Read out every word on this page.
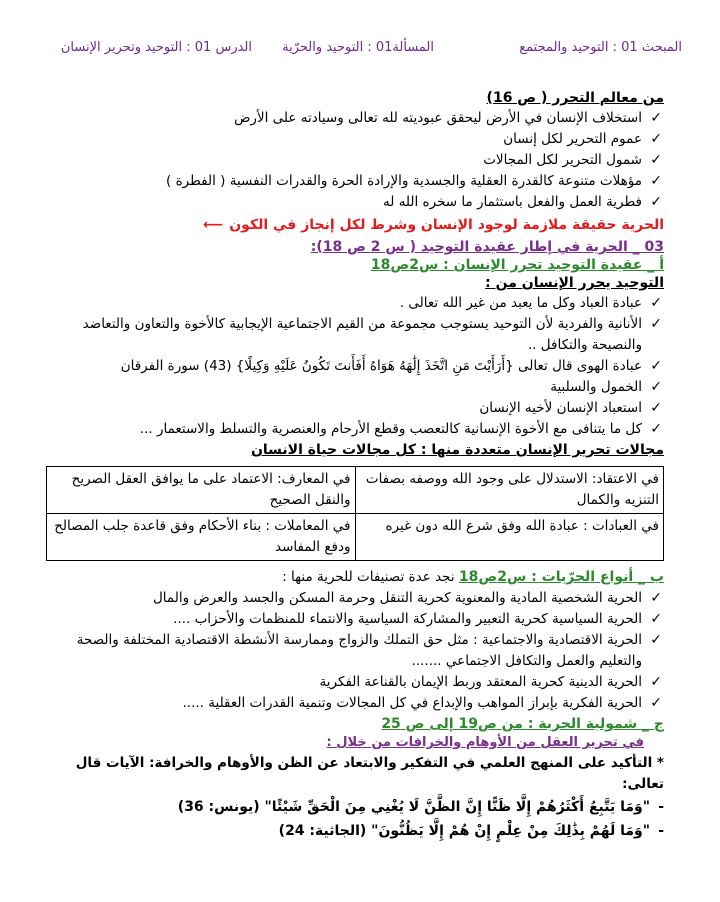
المبحث 01 : التوحيد والمجتمع
المسألة01 : التوحيد والحرّية
الدرس 01 : التوحيد وتحرير الإنسان
من معالم التحرر ( ص 16)
✓
استخلاف الإنسان في الأرض ليحقق عبوديته لله تعالى وسيادته على الأرض
✓
عموم التحرير لكل إنسان
✓
شمول التحرير لكل المجالات
✓
مؤهلات متنوعة كالقدرة العقلية والجسدية والإرادة الحرة والقدرات النفسية ( الفطرة )
✓
فطرية العمل والفعل باستثمار ما سخره الله له
الحرية حقيقة ملازمة لوجود الإنسان وشرط لكل إنجاز في الكون⟵
03 _ الحرية في إطار عقيدة التوحيد ( س 2 ص 18):
أ _ عقيدة التوحيد تحرر الإنسان : س2ص18
التوحيد يحرر الإنسان من :
✓
عبادة العباد وكل ما يعبد من غير الله تعالى .
✓
الأنانية والفردية لأن التوحيد يستوجب مجموعة من القيم الاجتماعية الإيجابية كالأخوة والتعاون والتعاضد والنصيحة والتكافل ..
✓
عبادة الهوى قال تعالى {أَرَأَيْتَ مَنِ اتَّخَذَ إِلَٰهَهُ هَوَاهُ أَفَأَنتَ تَكُونُ عَلَيْهِ وَكِيلًا} (43) سورة الفرقان
✓
الخمول والسلبية
✓
استعباد الإنسان لأخيه الإنسان
✓
كل ما يتنافى مع الأخوة الإنسانية كالتعصب وقطع الأرحام والعنصرية والتسلط والاستعمار ...
مجالات تحرير الإنسان متعددة منها : كل مجالات حياة الانسان
في الاعتقاد: الاستدلال على وجود الله ووصفه بصفات التنزيه والكمال	في المعارف: الاعتماد على ما يوافق العقل الصريح والنقل الصحيح
في العبادات : عبادة الله وفق شرع الله دون غيره	في المعاملات : بناء الأحكام وفق قاعدة جلب المصالح ودفع المفاسد
ب _ أنواع الحرّيات : س2ص18 نجد عدة تصنيفات للحرية منها :
✓
الحرية الشخصية المادية والمعنوية كحرية التنقل وحرمة المسكن والجسد والعرض والمال
✓
الحرية السياسية كحرية التعبير والمشاركة السياسية والانتماء للمنظمات والأحزاب ....
✓
الحرية الاقتصادية والاجتماعية : مثل حق التملك والزواج وممارسة الأنشطة الاقتصادية المختلفة والصحة والتعليم والعمل والتكافل الاجتماعي .......
✓
الحرية الدينية كحرية المعتقد وربط الإيمان بالقناعة الفكرية
✓
الحرية الفكرية بإبراز المواهب والإبداع في كل المجالات وتنمية القدرات العقلية .....
ج _ شمولية الحرية : من ص19 إلى ص 25
في تحرير العقل من الأوهام والخرافات من خلال :
* التأكيد على المنهج العلمي في التفكير والابتعاد عن الظن والأوهام والخرافة: الآيات قال تعالى:
-
"وَمَا يَتَّبِعُ أَكْثَرُهُمْ إِلَّا ظَنًّا إِنَّ الظَّنَّ لَا يُغْنِي مِنَ الْحَقِّ شَيْئًا" (يونس: 36)
-
"وَمَا لَهُمْ بِذَٰلِكَ مِنْ عِلْمٍ إِنْ هُمْ إِلَّا يَظُنُّونَ" (الجاثية: 24)
